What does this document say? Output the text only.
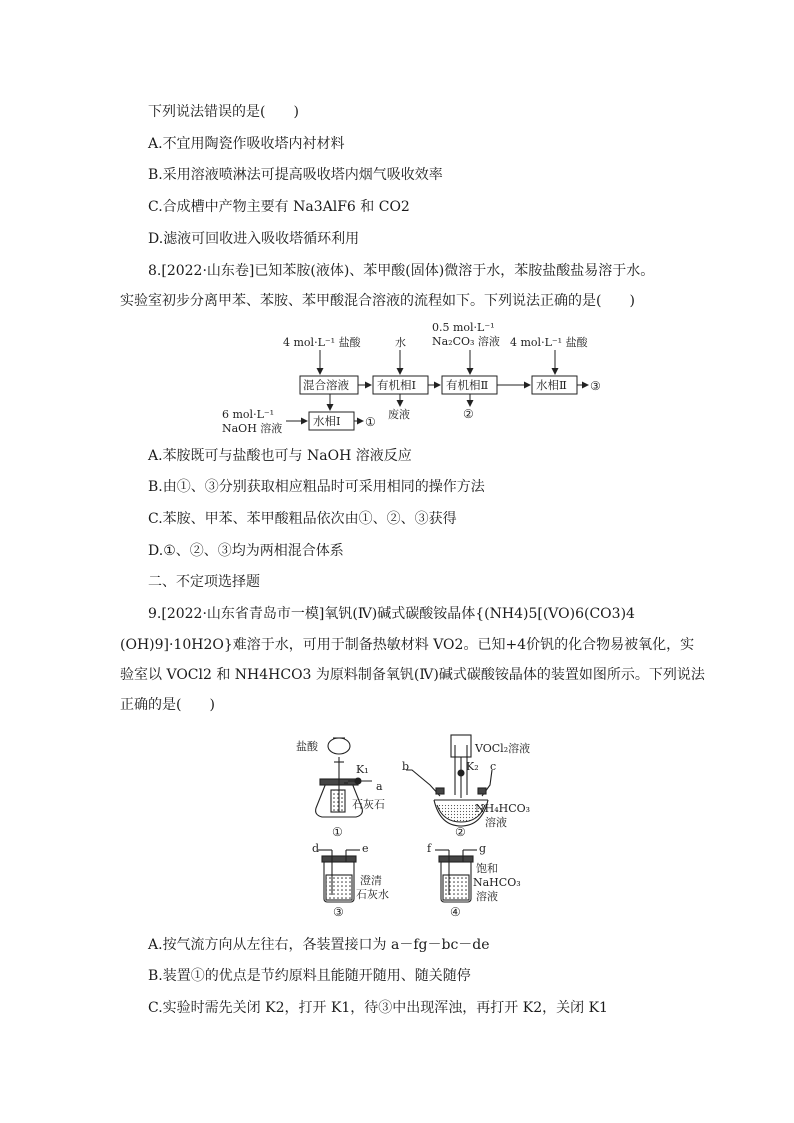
下列说法错误的是(　　)
A.不宜用陶瓷作吸收塔内衬材料
B.采用溶液喷淋法可提高吸收塔内烟气吸收效率
C.合成槽中产物主要有 Na3AlF6 和 CO2
D.滤液可回收进入吸收塔循环利用
8.[2022·山东卷]已知苯胺(液体)、苯甲酸(固体)微溶于水，苯胺盐酸盐易溶于水。
实验室初步分离甲苯、苯胺、苯甲酸混合溶液的流程如下。下列说法正确的是(　　)
4 mol·L⁻¹ 盐酸	水
0.5 mol·L⁻¹
Na₂CO₃ 溶液 4 mol·L⁻¹ 盐酸
混合溶液 有机相Ⅰ	有机相Ⅱ	水相Ⅱ ③
水相Ⅰ ①
6 mol·L⁻¹
NaOH 溶液
废液	②
A.苯胺既可与盐酸也可与 NaOH 溶液反应
B.由①、③分别获取相应粗品时可采用相同的操作方法
C.苯胺、甲苯、苯甲酸粗品依次由①、②、③获得
D.①、②、③均为两相混合体系
二、不定项选择题
9.[2022·山东省青岛市一模]氧钒(Ⅳ)碱式碳酸铵晶体{(NH4)5[(VO)6(CO3)4
(OH)9]·10H2O}难溶于水，可用于制备热敏材料 VO2。已知+4价钒的化合物易被氧化，实
验室以 VOCl2 和 NH4HCO3 为原料制备氧钒(Ⅳ)碱式碳酸铵晶体的装置如图所示。下列说法
正确的是(　　)
盐酸
K₁
a
石灰石
①
VOCl₂溶液
K₂
b	c
NH₄HCO₃
溶液
②
d	e
澄清
石灰水
③
f	g
饱和
NaHCO₃
溶液
④
A.按气流方向从左往右，各装置接口为 a－fg－bc－de
B.装置①的优点是节约原料且能随开随用、随关随停
C.实验时需先关闭 K2，打开 K1，待③中出现浑浊，再打开 K2，关闭 K1
